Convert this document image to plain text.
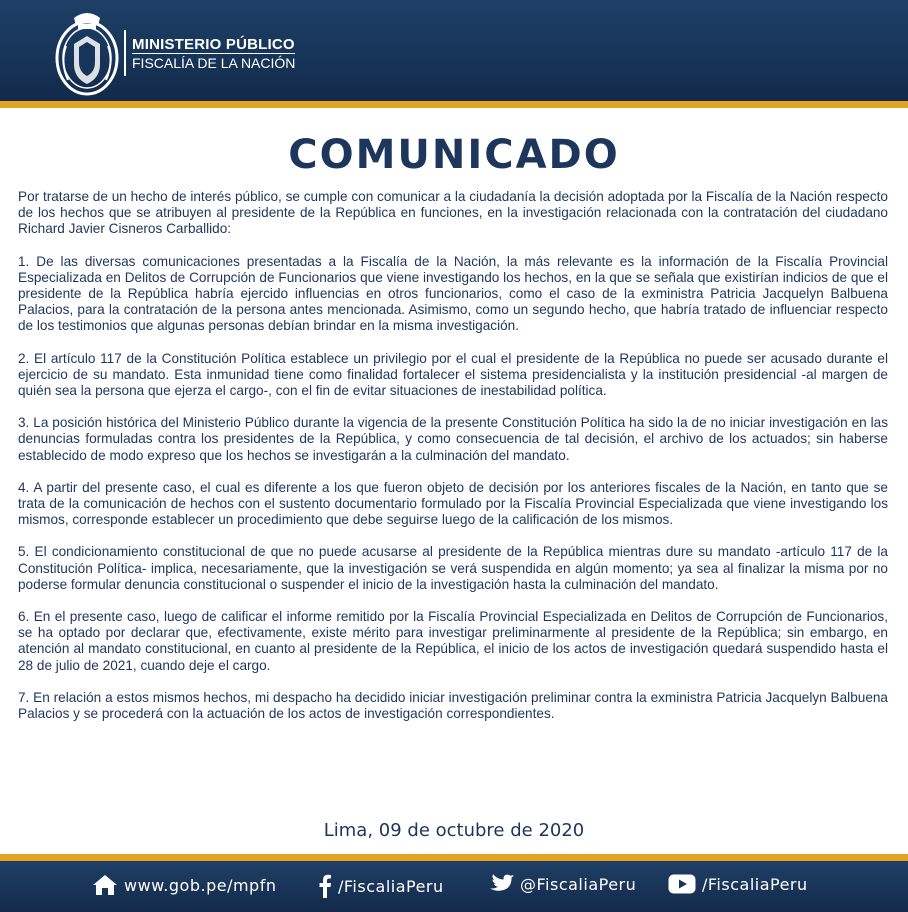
MINISTERIO PÚBLICO
FISCALÍA DE LA NACIÓN
COMUNICADO

Por tratarse de un hecho de interés público, se cumple con comunicar a la ciudadanía la decisión adoptada por la Fiscalía de la Nación respecto de los hechos que se atribuyen al presidente de la República en funciones, en la investigación relacionada con la contratación del ciudadano Richard Javier Cisneros Carballido:

1. De las diversas comunicaciones presentadas a la Fiscalía de la Nación, la más relevante es la información de la Fiscalía Provincial Especializada en Delitos de Corrupción de Funcionarios que viene investigando los hechos, en la que se señala que existirían indicios de que el presidente de la República habría ejercido influencias en otros funcionarios, como el caso de la exministra Patricia Jacquelyn Balbuena Palacios, para la contratación de la persona antes mencionada. Asimismo, como un segundo hecho, que habría tratado de influenciar respecto de los testimonios que algunas personas debían brindar en la misma investigación.

2. El artículo 117 de la Constitución Política establece un privilegio por el cual el presidente de la República no puede ser acusado durante el ejercicio de su mandato. Esta inmunidad tiene como finalidad fortalecer el sistema presidencialista y la institución presidencial -al margen de quién sea la persona que ejerza el cargo-, con el fin de evitar situaciones de inestabilidad política.

3. La posición histórica del Ministerio Público durante la vigencia de la presente Constitución Política ha sido la de no iniciar investigación en las denuncias formuladas contra los presidentes de la República, y como consecuencia de tal decisión, el archivo de los actuados; sin haberse establecido de modo expreso que los hechos se investigarán a la culminación del mandato.

4. A partir del presente caso, el cual es diferente a los que fueron objeto de decisión por los anteriores fiscales de la Nación, en tanto que se trata de la comunicación de hechos con el sustento documentario formulado por la Fiscalía Provincial Especializada que viene investigando los mismos, corresponde establecer un procedimiento que debe seguirse luego de la calificación de los mismos.

5. El condicionamiento constitucional de que no puede acusarse al presidente de la República mientras dure su mandato -artículo 117 de la Constitución Política- implica, necesariamente, que la investigación se verá suspendida en algún momento; ya sea al finalizar la misma por no poderse formular denuncia constitucional o suspender el inicio de la investigación hasta la culminación del mandato.

6. En el presente caso, luego de calificar el informe remitido por la Fiscalía Provincial Especializada en Delitos de Corrupción de Funcionarios, se ha optado por declarar que, efectivamente, existe mérito para investigar preliminarmente al presidente de la República; sin embargo, en atención al mandato constitucional, en cuanto al presidente de la República, el inicio de los actos de investigación quedará suspendido hasta el 28 de julio de 2021, cuando deje el cargo.

7. En relación a estos mismos hechos, mi despacho ha decidido iniciar investigación preliminar contra la exministra Patricia Jacquelyn Balbuena Palacios y se procederá con la actuación de los actos de investigación correspondientes.

Lima, 09 de octubre de 2020
www.gob.pe/mpfn	/FiscaliaPeru	@FiscaliaPeru	/FiscaliaPeru
